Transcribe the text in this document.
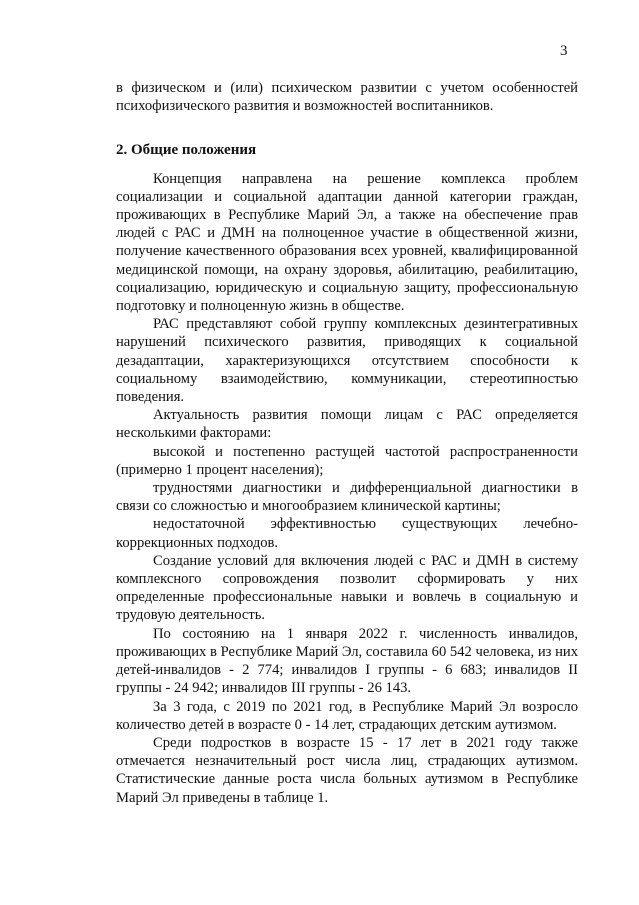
3

в физическом и (или) психическом развитии с учетом особенностей психофизического развития и возможностей воспитанников.

2. Общие положения

Концепция направлена на решение комплекса проблем социализации и социальной адаптации данной категории граждан, проживающих в Республике Марий Эл, а также на обеспечение прав людей с РАС и ДМН на полноценное участие в общественной жизни, получение качественного образования всех уровней, квалифицированной медицинской помощи, на охрану здоровья, абилитацию, реабилитацию, социализацию, юридическую и социальную защиту, профессиональную подготовку и полноценную жизнь в обществе.

РАС представляют собой группу комплексных дезинтегративных нарушений психического развития, приводящих к социальной дезадаптации, характеризующихся отсутствием способности к социальному взаимодействию, коммуникации, стереотипностью поведения.

Актуальность развития помощи лицам с РАС определяется несколькими факторами:

высокой и постепенно растущей частотой распространенности (примерно 1 процент населения);

трудностями диагностики и дифференциальной диагностики в связи со сложностью и многообразием клинической картины;

недостаточной эффективностью существующих лечебно-коррекционных подходов.

Создание условий для включения людей с РАС и ДМН в систему комплексного сопровождения позволит сформировать у них определенные профессиональные навыки и вовлечь в социальную и трудовую деятельность.

По состоянию на 1 января 2022 г. численность инвалидов, проживающих в Республике Марий Эл, составила 60 542 человека, из них детей-инвалидов - 2 774; инвалидов I группы - 6 683; инвалидов II группы - 24 942; инвалидов III группы - 26 143.

За 3 года, с 2019 по 2021 год, в Республике Марий Эл возросло количество детей в возрасте 0 - 14 лет, страдающих детским аутизмом.

Среди подростков в возрасте 15 - 17 лет в 2021 году также отмечается незначительный рост числа лиц, страдающих аутизмом. Статистические данные роста числа больных аутизмом в Республике Марий Эл приведены в таблице 1.
